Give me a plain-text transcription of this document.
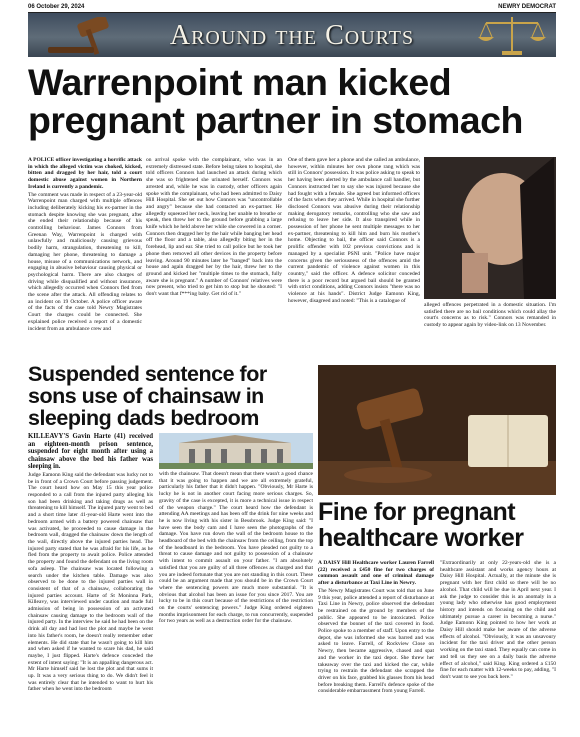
06 October 29, 2024	NEWRY DEMOCRAT
Around the Courts
Warrenpoint man kicked pregnant partner in stomach

A POLICE officer investigating a horrific attack in which the alleged victim was choked, kicked, bitten and dragged by her hair, told a court domestic abuse against women in Northern Ireland is currently a pandemic.

The comment was made in respect of a 23-year-old Warrenpoint man charged with multiple offences including deliberately kicking his ex-partner in the stomach despite knowing she was pregnant, after she ended their relationship because of his controlling behaviour. James Connors from Greenan Way, Warrenpoint is charged with unlawfully and maliciously causing grievous bodily harm, strangulation, threatening to kill, damaging her phone, threatening to damage a house, misuse of a communications network, and engaging in abusive behaviour causing physical or psychological harm. There are also charges of driving while disqualified and without insurance, which allegedly occurred when Connors fled from the scene after the attack. All offending relates to an incident on 19 October. A police officer aware of the facts of the case told Newry Magistrates Court the charges could be connected. She explained police received a report of a domestic incident from an ambulance crew and

on arrival spoke with the complainant, who was in an extremely distressed state. Before being taken to hospital, she told officers Connors had launched an attack during which she was so frightened she urinated herself. Connors was arrested and, while he was in custody, other officers again spoke with the complainant, who had been admitted to Daisy Hill Hospital. She set out how Connors was "uncontrollable and angry" because she had contacted an ex-partner. He allegedly squeezed her neck, leaving her unable to breathe or speak, then threw her to the ground before grabbing a large knife which he held above her while she cowered in a corner. Connors then dragged her by the hair while banging her head off the floor and a table, also allegedly biting her in the forehead, lip and ear. She tried to call police but he took her phone then removed all other devices in the property before leaving. Around 90 minutes later he "banged" back into the house and again dragged her by the hair, threw her to the ground and kicked her "multiple times to the stomach, fully aware she is pregnant." A number of Connors' relatives were now present, who tried to get him to stop but he shouted: "I don't want that f***ing baby. Get rid of it."

One of them gave her a phone and she called an ambulance, however, within minutes her own phone rang which was still in Connors' possession. It was police asking to speak to her having been alerted by the ambulance call handler, but Connors instructed her to say she was injured because she had fought with a female. She agreed but informed officers of the facts when they arrived. While in hospital she further disclosed Connors was abusive during their relationship making derogatory remarks, controlling who she saw and refusing to leave her side. It also transpired while in possession of her phone he sent multiple messages to her ex-partner, threatening to kill him and burn his mother's home. Objecting to bail, the officer said Connors is a prolific offender with 102 previous convictions and is managed by a specialist PSNI unit. "Police have major concerns given the seriousness of the offences amid the current pandemic of violence against women in this country," said the officer. A defence solicitor conceded there is a poor record but argued bail should be granted with strict conditions, adding Connors insists "there was no violence at his hands". District Judge Eamonn King, however, disagreed and noted: "This is a catalogue of

alleged offences perpetrated in a domestic situation. I'm satisfied there are no bail conditions which could allay the court's concerns as to risk." Connors was remanded in custody to appear again by video-link on 13 November.

Suspended sentence for sons use of chainsaw in sleeping dads bedroom

KILLEAVY'S Gavin Harte (41) received an eighteen-month prison sentence, suspended for eight month after using a chainsaw above the bed his father was sleeping in.

Judge Eamonn King said the defendant was lucky not to be in front of a Crown Court before passing judgement. The court heard how on May 15 this year police responded to a call from the injured party alleging his son had been drinking and taking drugs as well as threatening to kill himself. The injured party went to bed and a short time later 41-year-old Harte went into the bedroom armed with a battery powered chainsaw that was activated, he proceeded to cause damage in the bedroom wall, dragged the chainsaw down the length of the wall, directly above the injured parties head. The injured party stated that he was afraid for his life, as he fled from the property to await police. Police attended the property and found the defendant on the living room sofa asleep. The chainsaw was located following a search under the kitchen table. Damage was also observed to be done to the injured parties wall in consistent of that of a chainsaw, collaborating the injured parties account. Harte of St Moninna Park, Killeavy, was interviewed under caution and made full admission of being in possession of an activated chainsaw causing damage to the bedroom wall of the injured party. In the interview he said he had been on the drink all day and had lost the plot and maybe he went into his father's room, he doesn't really remember other elements. He did state that he wasn't going to kill him and when asked if he wanted to scare his dad, he said maybe, I just flipped. Harte's defence conceded the extent of intent saying: "It is an appalling dangerous act. Mr Harte himself said he lost the plot and that sums it up. It was a very serious thing to do. We didn't feel it was entirely clear that he intended to want to hurt his father when he went into the bedroom

with the chainsaw. That doesn't mean that there wasn't a good chance that it was going to happen and we are all extremely grateful, particularly his father that it didn't happen. "Obviously, Mr Harte is lucky he is not in another court facing more serious charges. So, gravity of the case is excepted, it is more a technical issue in respect of the weapon charge." The court heard how the defendant is attending AA meetings and has been off the drink for nine weeks and he is now living with his sister in Bessbrook. Judge King said: "I have seen the body cam and I have seen the photographs of the damage. You have run down the wall of the bedroom house to the headboard of the bed with the chainsaw from the ceiling, from the top of the headboard in the bedroom. You have pleaded not guilty to a threat to cause damage and not guilty to possession of a chainsaw with intent to commit assault on your father. "I am absolutely satisfied that you are guilty of all three offences as charged and that you are indeed fortunate that you are not standing in this court. These could be an argument made that you should be in the Crown Court where the sentencing powers are much more substantial. "It is obvious that alcohol has been an issue for you since 2017. You are lucky to be in this court because of the restrictions of the restriction on the courts' sentencing powers." Judge King ordered eighteen months imprisonment for each charge, to run concurrently, suspended for two years as well as a destruction order for the chainsaw.

Fine for pregnant healthcare worker

A DAISY Hill Healthcare worker Lauren Farrell (22) received a £450 fine for two charges of common assault and one of criminal damage after a disturbance at Taxi Line in Newry.

The Newry Magistrates Court was told that on June 9 this year, police attended a report of disturbance at Taxi Line in Newry, police observed the defendant be restrained on the ground by members of the public. She appeared to be intoxicated. Police observed the bonnet of the taxi covered in food. Police spoke to a member of staff. Upon entry to the depot, she was informed she was barred and was asked to leave. Farrell, of Rockview Close on Newry, then became aggressive, chased and spat and the worker in the taxi depot. She threw her takeaway over the taxi and kicked the car, while trying to restrain the defendant she scrapped the driver on his face, grabbed his glasses from his head before breaking them. Farrell's defence spoke of the considerable embarrassment from young Farrell.

"Extraordinarily at only 22-years-old she is a healthcare assistant and works agency hours at Daisy Hill Hospital. Actually, at the minute she is pregnant with her first child so there will be no alcohol. That child will be due in April next year. I ask the judge to consider this is an anomaly in a young lady who otherwise has good employment history and intends on focusing on the child and ultimately pursue a career in becoming a nurse." Judge Eamonn King pointed to how her work at Daisy Hill should make her aware of the adverse effects of alcohol. "Obviously, it was an unsavoury incident for the taxi driver and the other person working on the taxi stand. They equally can come in and tell us they see on a daily basis the adverse effect of alcohol," said King. King ordered a £150 fine for each matter with 12-weeks to pay, adding, "I don't want to see you back here."
